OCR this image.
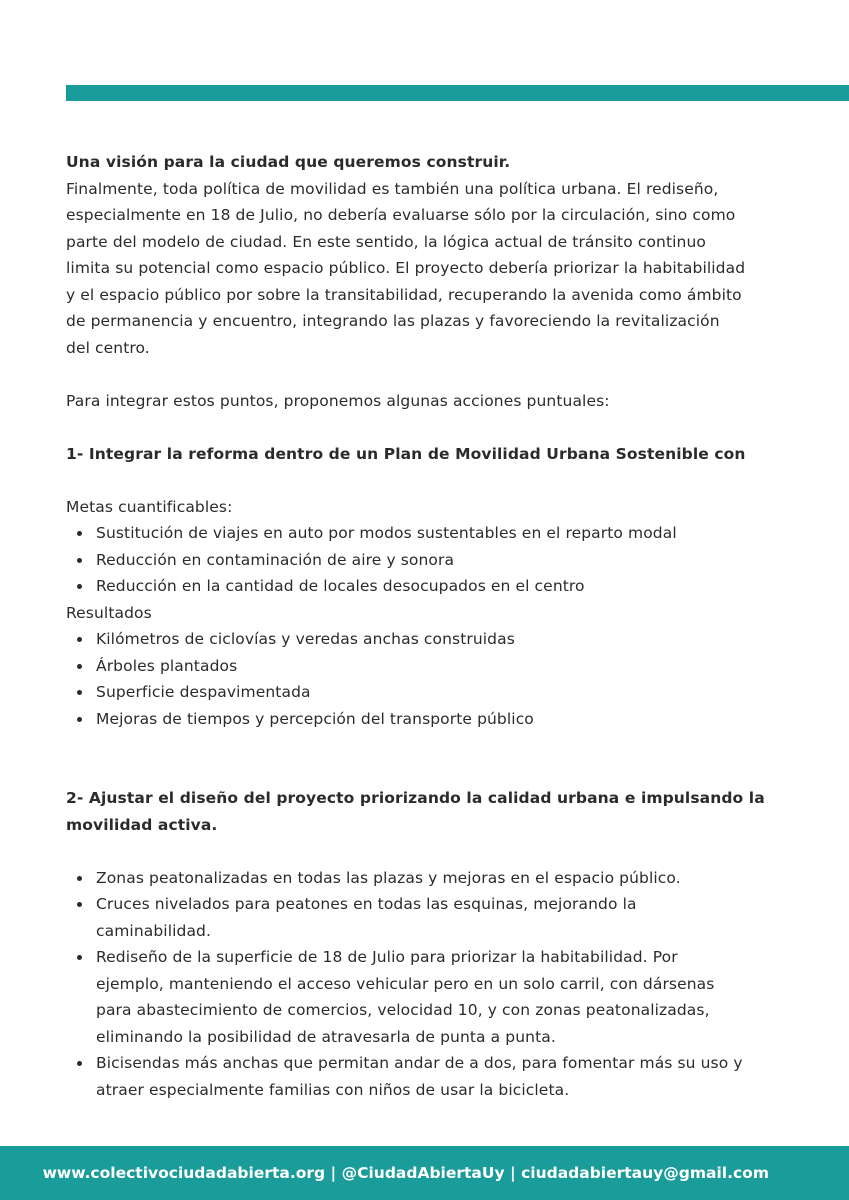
Una visión para la ciudad que queremos construir.

Finalmente, toda política de movilidad es también una política urbana. El rediseño,

especialmente en 18 de Julio, no debería evaluarse sólo por la circulación, sino como

parte del modelo de ciudad. En este sentido, la lógica actual de tránsito continuo

limita su potencial como espacio público. El proyecto debería priorizar la habitabilidad

y el espacio público por sobre la transitabilidad, recuperando la avenida como ámbito

de permanencia y encuentro, integrando las plazas y favoreciendo la revitalización

del centro.

Para integrar estos puntos, proponemos algunas acciones puntuales:

1- Integrar la reforma dentro de un Plan de Movilidad Urbana Sostenible con

Metas cuantificables:

Sustitución de viajes en auto por modos sustentables en el reparto modal
Reducción en contaminación de aire y sonora
Reducción en la cantidad de locales desocupados en el centro

Resultados

Kilómetros de ciclovías y veredas anchas construidas
Árboles plantados
Superficie despavimentada
Mejoras de tiempos y percepción del transporte público

2- Ajustar el diseño del proyecto priorizando la calidad urbana e impulsando la

movilidad activa.

Zonas peatonalizadas en todas las plazas y mejoras en el espacio público.
Cruces nivelados para peatones en todas las esquinas, mejorando la
caminabilidad.
Rediseño de la superficie de 18 de Julio para priorizar la habitabilidad. Por
ejemplo, manteniendo el acceso vehicular pero en un solo carril, con dársenas
para abastecimiento de comercios, velocidad 10, y con zonas peatonalizadas,
eliminando la posibilidad de atravesarla de punta a punta.
Bicisendas más anchas que permitan andar de a dos, para fomentar más su uso y
atraer especialmente familias con niños de usar la bicicleta.
www.colectivociudadabierta.org | @CiudadAbiertaUy | ciudadabiertauy@gmail.com
